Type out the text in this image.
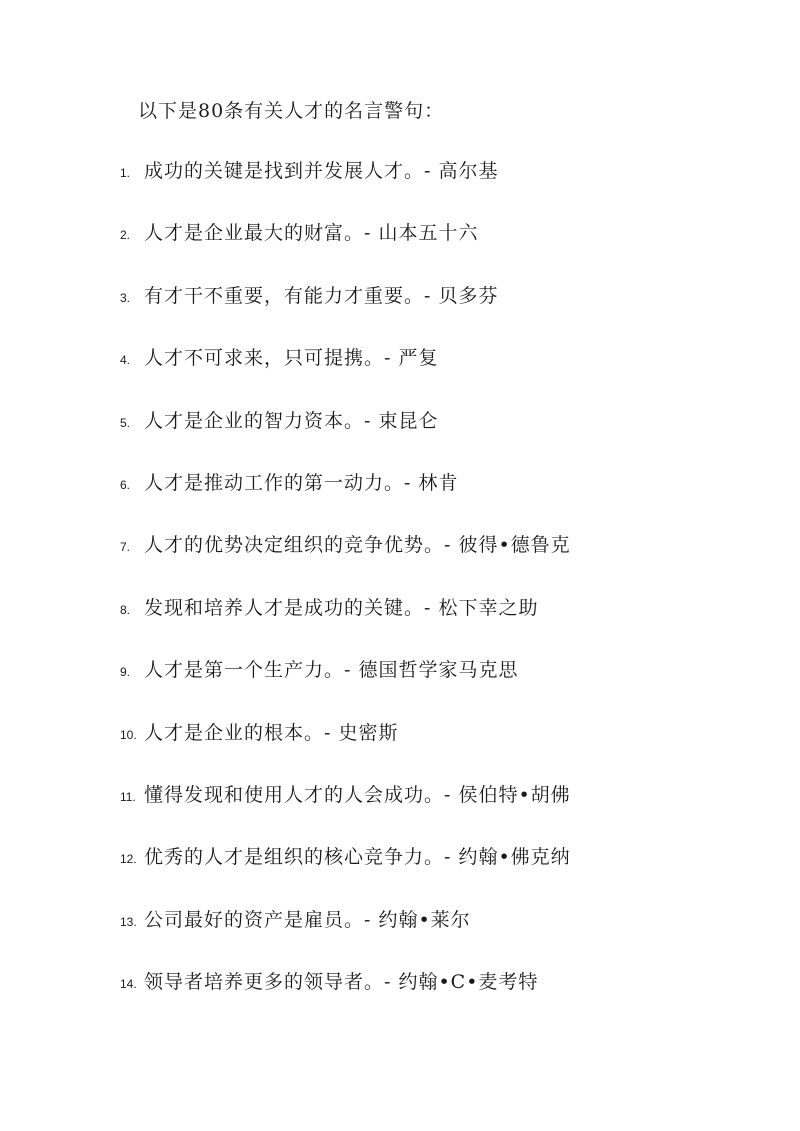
以下是80条有关人才的名言警句：
1. 成功的关键是找到并发展人才。- 高尔基
2. 人才是企业最大的财富。- 山本五十六
3. 有才干不重要，有能力才重要。- 贝多芬
4. 人才不可求来，只可提携。- 严复
5. 人才是企业的智力资本。- 束昆仑
6. 人才是推动工作的第一动力。- 林肯
7. 人才的优势决定组织的竞争优势。- 彼得•德鲁克
8. 发现和培养人才是成功的关键。- 松下幸之助
9. 人才是第一个生产力。- 德国哲学家马克思
10. 人才是企业的根本。- 史密斯
11. 懂得发现和使用人才的人会成功。- 侯伯特•胡佛
12. 优秀的人才是组织的核心竞争力。- 约翰•佛克纳
13. 公司最好的资产是雇员。- 约翰•莱尔
14. 领导者培养更多的领导者。- 约翰•C•麦考特
